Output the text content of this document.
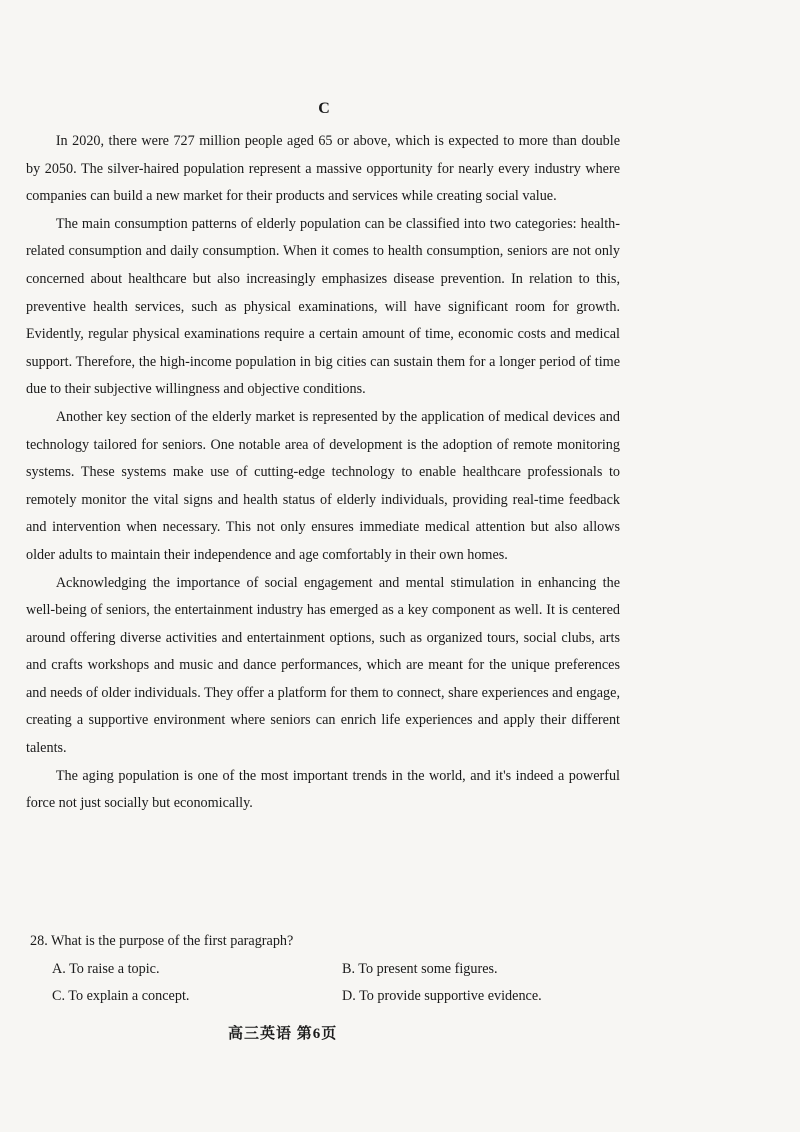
C

In 2020, there were 727 million people aged 65 or above, which is expected to more than double by 2050. The silver-haired population represent a massive opportunity for nearly every industry where companies can build a new market for their products and services while creating social value.

The main consumption patterns of elderly population can be classified into two categories: health-related consumption and daily consumption. When it comes to health consumption, seniors are not only concerned about healthcare but also increasingly emphasizes disease prevention. In relation to this, preventive health services, such as physical examinations, will have significant room for growth. Evidently, regular physical examinations require a certain amount of time, economic costs and medical support. Therefore, the high-income population in big cities can sustain them for a longer period of time due to their subjective willingness and objective conditions.

Another key section of the elderly market is represented by the application of medical devices and technology tailored for seniors. One notable area of development is the adoption of remote monitoring systems. These systems make use of cutting-edge technology to enable healthcare professionals to remotely monitor the vital signs and health status of elderly individuals, providing real-time feedback and intervention when necessary. This not only ensures immediate medical attention but also allows older adults to maintain their independence and age comfortably in their own homes.

Acknowledging the importance of social engagement and mental stimulation in enhancing the well-being of seniors, the entertainment industry has emerged as a key component as well. It is centered around offering diverse activities and entertainment options, such as organized tours, social clubs, arts and crafts workshops and music and dance performances, which are meant for the unique preferences and needs of older individuals. They offer a platform for them to connect, share experiences and engage, creating a supportive environment where seniors can enrich life experiences and apply their different talents.

The aging population is one of the most important trends in the world, and it's indeed a powerful force not just socially but economically.

28. What is the purpose of the first paragraph?

A. To raise a topic.	B. To present some figures.
C. To explain a concept.	D. To provide supportive evidence.
高三英语 第6页
